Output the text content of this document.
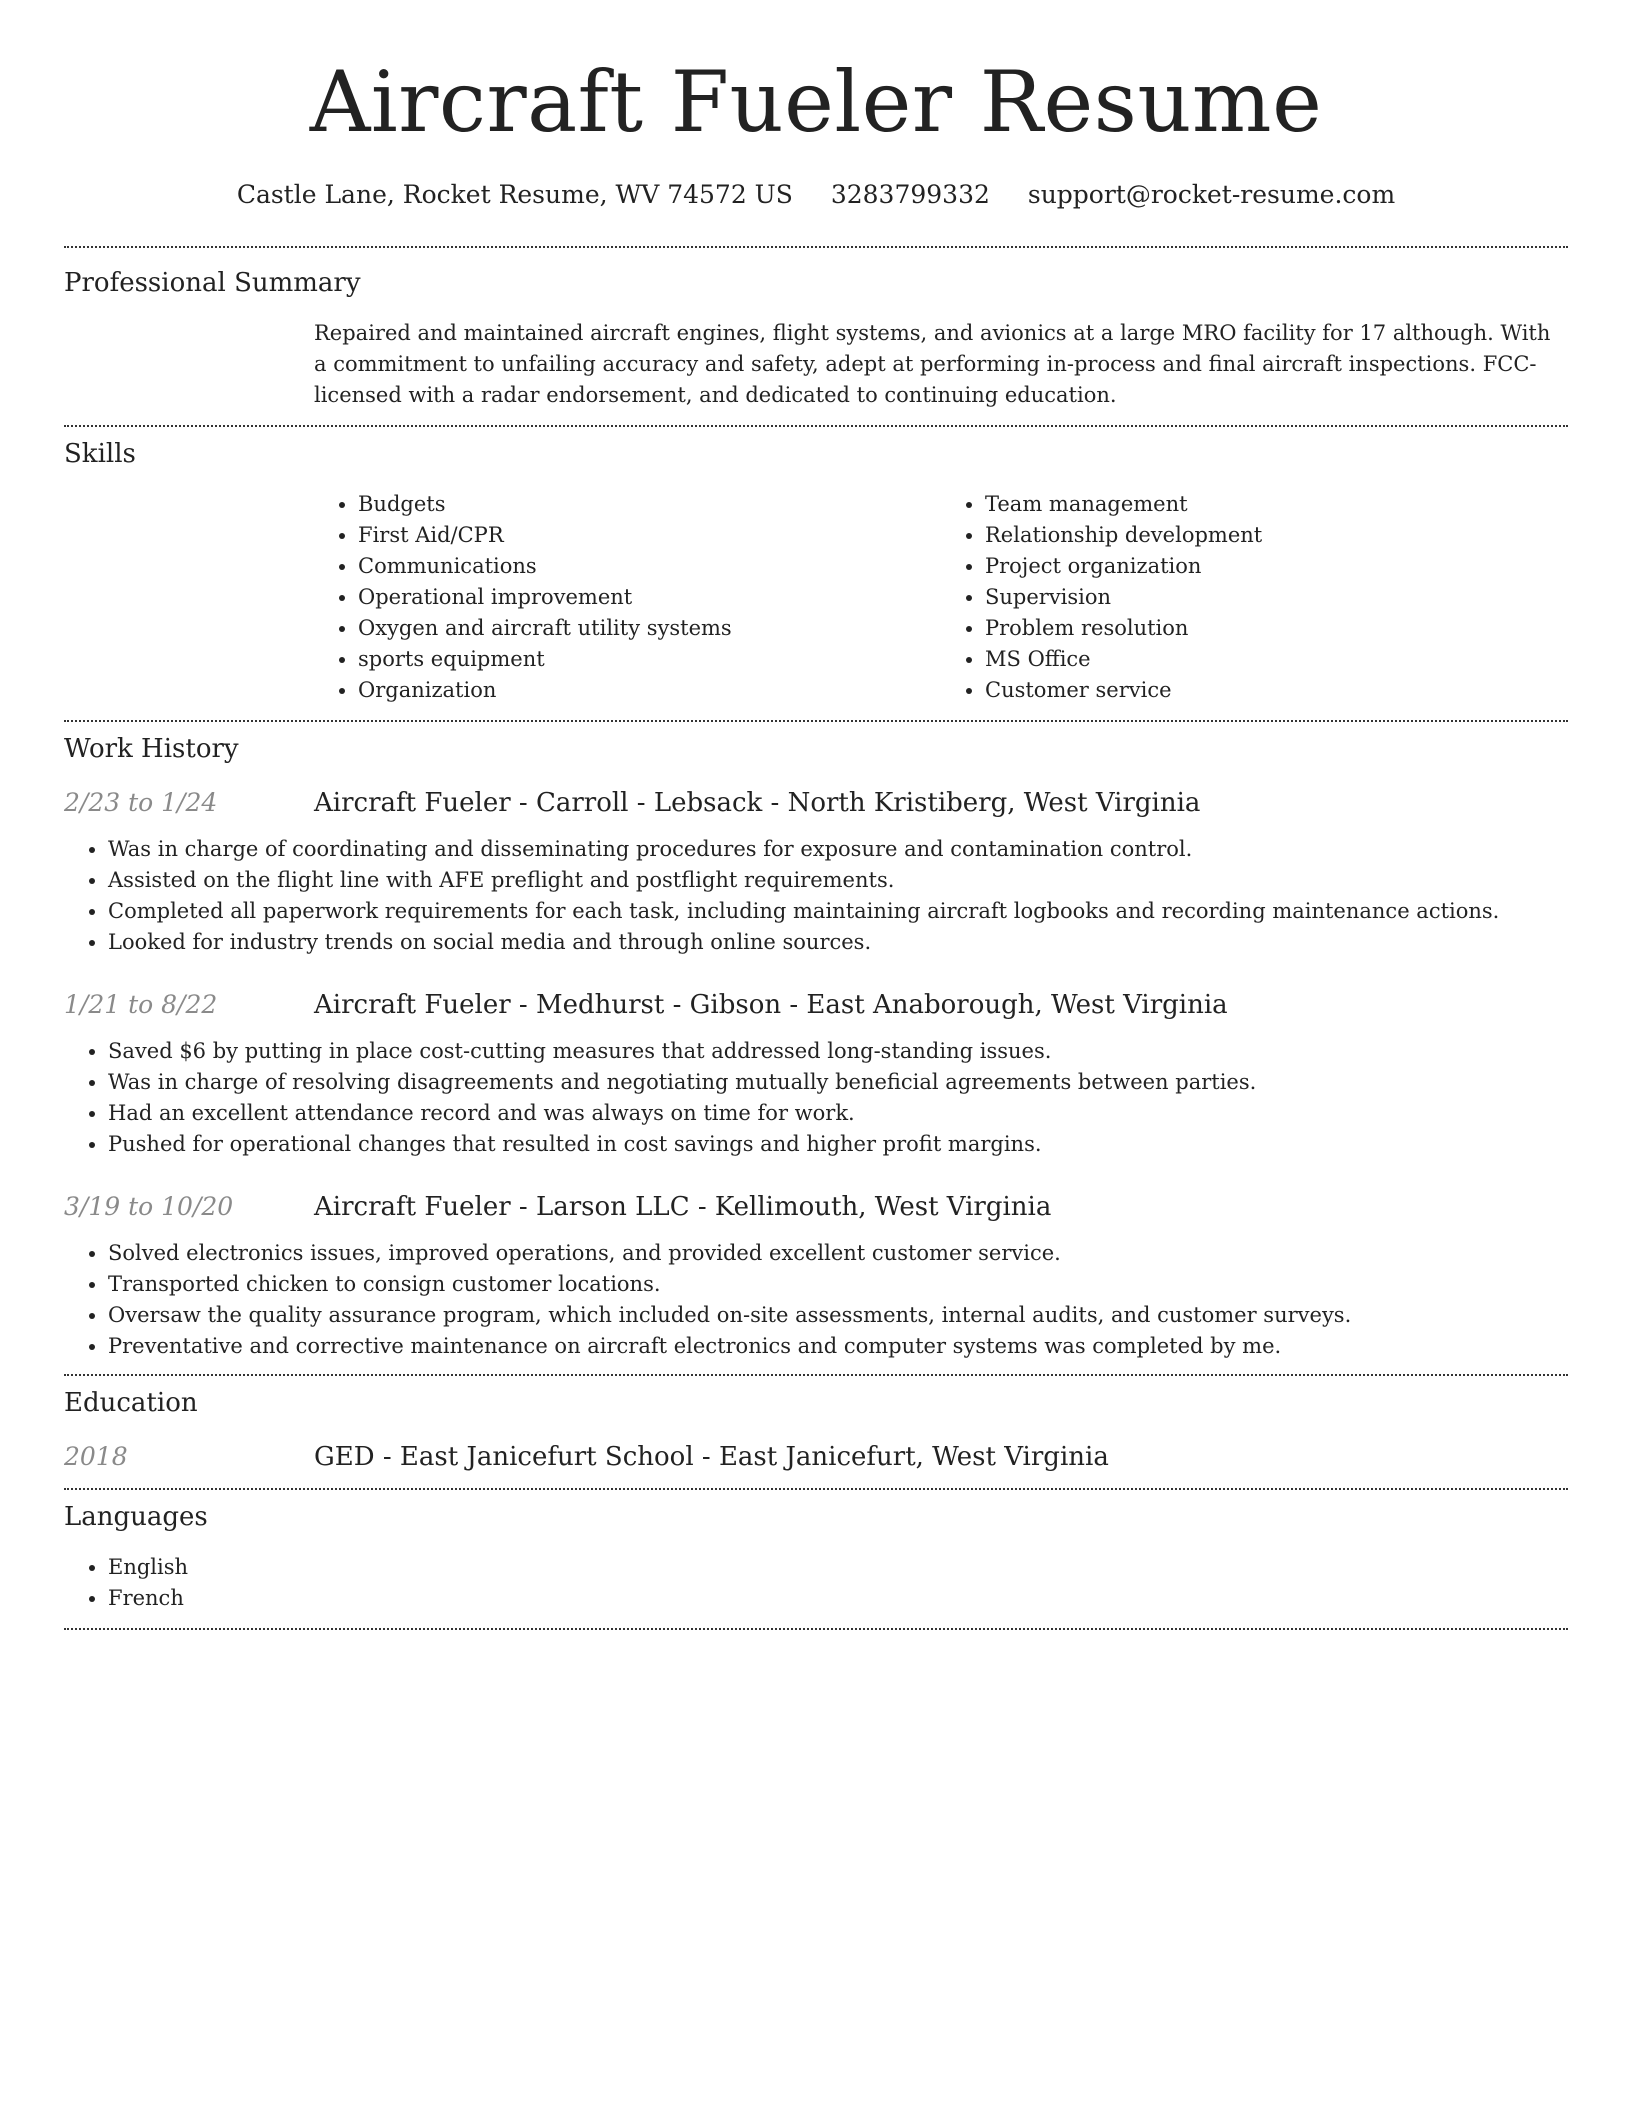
Aircraft Fueler Resume
Castle Lane, Rocket Resume, WV 74572 US 3283799332 support@rocket-resume.com
Professional Summary
Repaired and maintained aircraft engines, flight systems, and avionics at a large MRO facility for 17 although. With a commitment to unfailing accuracy and safety, adept at performing in-process and final aircraft inspections. FCC-licensed with a radar endorsement, and dedicated to continuing education.
Skills
• Budgets
• First Aid/CPR
• Communications
• Operational improvement
• Oxygen and aircraft utility systems
• sports equipment
• Organization
• Team management
• Relationship development
• Project organization
• Supervision
• Problem resolution
• MS Office
• Customer service
Work History
2/23 to 1/24	Aircraft Fueler - Carroll - Lebsack - North Kristiberg, West Virginia
• Was in charge of coordinating and disseminating procedures for exposure and contamination control.
• Assisted on the flight line with AFE preflight and postflight requirements.
• Completed all paperwork requirements for each task, including maintaining aircraft logbooks and recording maintenance actions.
• Looked for industry trends on social media and through online sources.
1/21 to 8/22	Aircraft Fueler - Medhurst - Gibson - East Anaborough, West Virginia
• Saved $6 by putting in place cost-cutting measures that addressed long-standing issues.
• Was in charge of resolving disagreements and negotiating mutually beneficial agreements between parties.
• Had an excellent attendance record and was always on time for work.
• Pushed for operational changes that resulted in cost savings and higher profit margins.
3/19 to 10/20	Aircraft Fueler - Larson LLC - Kellimouth, West Virginia
• Solved electronics issues, improved operations, and provided excellent customer service.
• Transported chicken to consign customer locations.
• Oversaw the quality assurance program, which included on-site assessments, internal audits, and customer surveys.
• Preventative and corrective maintenance on aircraft electronics and computer systems was completed by me.
Education
2018	GED - East Janicefurt School - East Janicefurt, West Virginia
Languages
• English
• French
